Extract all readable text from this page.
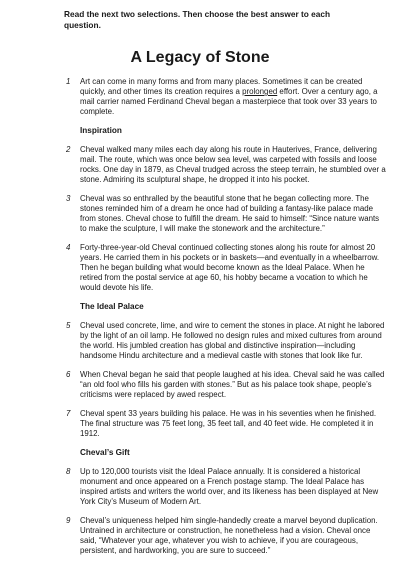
Read the next two selections. Then choose the best answer to each question.
A Legacy of Stone
1 Art can come in many forms and from many places. Sometimes it can be created quickly, and other times its creation requires a prolonged effort. Over a century ago, a mail carrier named Ferdinand Cheval began a masterpiece that took over 33 years to complete.
Inspiration
2 Cheval walked many miles each day along his route in Hauterives, France, delivering mail. The route, which was once below sea level, was carpeted with fossils and loose rocks. One day in 1879, as Cheval trudged across the steep terrain, he stumbled over a stone. Admiring its sculptural shape, he dropped it into his pocket.
3 Cheval was so enthralled by the beautiful stone that he began collecting more. The stones reminded him of a dream he once had of building a fantasy-like palace made from stones. Cheval chose to fulfill the dream. He said to himself: “Since nature wants to make the sculpture, I will make the stonework and the architecture.”
4 Forty-three-year-old Cheval continued collecting stones along his route for almost 20 years. He carried them in his pockets or in baskets—and eventually in a wheelbarrow. Then he began building what would become known as the Ideal Palace. When he retired from the postal service at age 60, his hobby became a vocation to which he would devote his life.
The Ideal Palace
5 Cheval used concrete, lime, and wire to cement the stones in place. At night he labored by the light of an oil lamp. He followed no design rules and mixed cultures from around the world. His jumbled creation has global and distinctive inspiration—including handsome Hindu architecture and a medieval castle with stones that look like fur.
6 When Cheval began he said that people laughed at his idea. Cheval said he was called “an old fool who fills his garden with stones.” But as his palace took shape, people’s criticisms were replaced by awed respect.
7 Cheval spent 33 years building his palace. He was in his seventies when he finished. The final structure was 75 feet long, 35 feet tall, and 40 feet wide. He completed it in 1912.
Cheval’s Gift
8 Up to 120,000 tourists visit the Ideal Palace annually. It is considered a historical monument and once appeared on a French postage stamp. The Ideal Palace has inspired artists and writers the world over, and its likeness has been displayed at New York City’s Museum of Modern Art.
9 Cheval’s uniqueness helped him single-handedly create a marvel beyond duplication. Untrained in architecture or construction, he nonetheless had a vision. Cheval once said, “Whatever your age, whatever you wish to achieve, if you are courageous, persistent, and hardworking, you are sure to succeed.”
